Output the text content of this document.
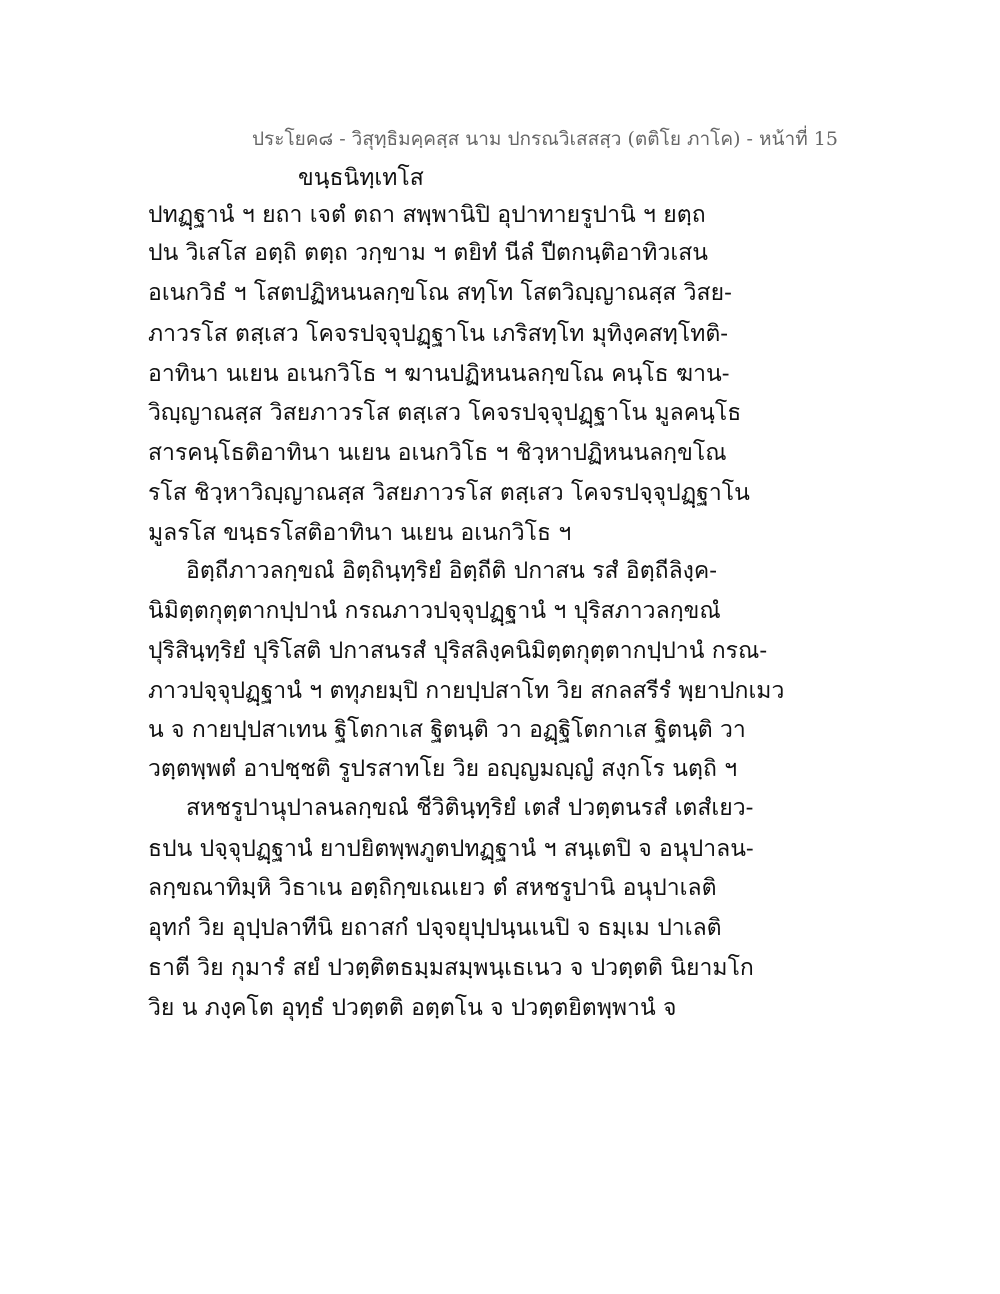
ประโยค๘ - วิสุทฺธิมคฺคสฺส นาม ปกรณวิเสสสฺว (ตติโย ภาโค) - หน้าที่ 15
ขนฺธนิทฺเทโส
ปทฏฺฐานํ ฯ ยถา เจตํ ตถา สพฺพานิปิ อุปาทายรูปานิ ฯ ยตฺถ
ปน วิเสโส อตฺถิ ตตฺถ วกฺขาม ฯ ตยิทํ นีลํ ปีตกนฺติอาทิวเสน
อเนกวิธํ ฯ โสตปฏิหนนลกฺขโณ สทฺโท โสตวิญฺญาณสฺส วิสย-
ภาวรโส ตสฺเสว โคจรปจฺจุปฏฺฐาโน เภริสทฺโท มุทิงฺคสทฺโทติ-
อาทินา นเยน อเนกวิโธ ฯ ฆานปฏิหนนลกฺขโณ คนฺโธ ฆาน-
วิญฺญาณสฺส วิสยภาวรโส ตสฺเสว โคจรปจฺจุปฏฺฐาโน มูลคนฺโธ
สารคนฺโธติอาทินา นเยน อเนกวิโธ ฯ ชิวฺหาปฏิหนนลกฺขโณ
รโส ชิวฺหาวิญฺญาณสฺส วิสยภาวรโส ตสฺเสว โคจรปจฺจุปฏฺฐาโน
มูลรโส ขนฺธรโสติอาทินา นเยน อเนกวิโธ ฯ
อิตฺถีภาวลกฺขณํ อิตฺถินฺทฺริยํ อิตฺถีติ ปกาสน รสํ อิตฺถีลิงฺค-
นิมิตฺตกุตฺตากปฺปานํ กรณภาวปจฺจุปฏฺฐานํ ฯ ปุริสภาวลกฺขณํ
ปุริสินฺทฺริยํ ปุริโสติ ปกาสนรสํ ปุริสลิงฺคนิมิตฺตกุตฺตากปฺปานํ กรณ-
ภาวปจฺจุปฏฺฐานํ ฯ ตทุภยมฺปิ กายปฺปสาโท วิย สกลสรีรํ พฺยาปกเมว
น จ กายปฺปสาเทน ฐิโตกาเส ฐิตนฺติ วา อฏฺฐิโตกาเส ฐิตนฺติ วา
วตฺตพฺพตํ อาปชฺชติ รูปรสาทโย วิย อญฺญมญฺญํ สงฺกโร นตฺถิ ฯ
สหชรูปานุปาลนลกฺขณํ ชีวิตินฺทฺริยํ เตสํ ปวตฺตนรสํ เตสํเยว-
ธปน ปจฺจุปฏฺฐานํ ยาปยิตพฺพภูตปทฏฺฐานํ ฯ สนฺเตปิ จ อนุปาลน-
ลกฺขณาทิมฺหิ วิธาเน อตฺถิกฺขเณเยว ตํ สหชรูปานิ อนุปาเลติ
อุทกํ วิย อุปฺปลาทีนิ ยถาสกํ ปจฺจยุปฺปนฺนเนปิ จ ธมฺเม ปาเลติ
ธาตี วิย กุมารํ สยํ ปวตฺติตธมฺมสมฺพนฺเธเนว จ ปวตฺตติ นิยามโก
วิย น ภงฺคโต อุทฺธํ ปวตฺตติ อตฺตโน จ ปวตฺตยิตพฺพานํ จ
